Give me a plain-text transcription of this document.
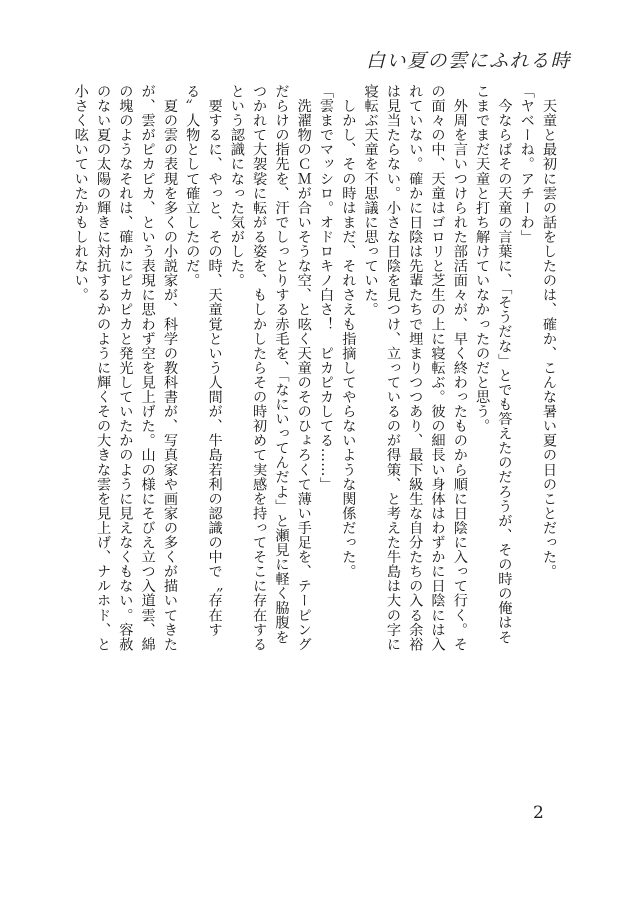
白い夏の雲にふれる時

　天童と最初に雲の話をしたのは、確か、こんな暑い夏の日のことだった。

「ヤベーね。アチーわ」

　今ならばその天童の言葉に、「そうだな」とでも答えたのだろうが、その時の俺はそこまでまだ天童と打ち解けていなかったのだと思う。

　外周を言いつけられた部活面々が、早く終わったものから順に日陰に入って行く。その面々の中、天童はゴロリと芝生の上に寝転ぶ。彼の細長い身体はわずかに日陰には入れていない。確かに日陰は先輩たちで埋まりつつあり、最下級生な自分たちの入る余裕は見当たらない。小さな日陰を見つけ、立っているのが得策、と考えた牛島は大の字に寝転ぶ天童を不思議に思っていた。

　しかし、その時はまだ、それさえも指摘してやらないような関係だった。

「雲までマッシロ。オドロキノ白さ！　ピカピカしてる……」

　洗濯物のＣＭが合いそうな空、と呟く天童のそのひょろくて薄い手足を、テーピングだらけの指先を、汗でしっとりする赤毛を、「なにいってんだよ」と瀬見に軽く脇腹をつかれて大袈裟に転がる姿を、もしかしたらその時初めて実感を持ってそこに存在するという認識になった気がした。

　要するに、やっと、その時、天童覚という人間が、牛島若利の認識の中で〝存在する〟人物として確立したのだ。

　夏の雲の表現を多くの小説家が、科学の教科書が、写真家や画家の多くが描いてきたが、雲がピカピカ、という表現に思わず空を見上げた。山の様にそびえ立つ入道雲、綿の塊のようなそれは、確かにピカピカと発光していたかのように見えなくもない。容赦のない夏の太陽の輝きに対抗するかのように輝くその大きな雲を見上げ、ナルホド、と小さく呟いていたかもしれない。

2
